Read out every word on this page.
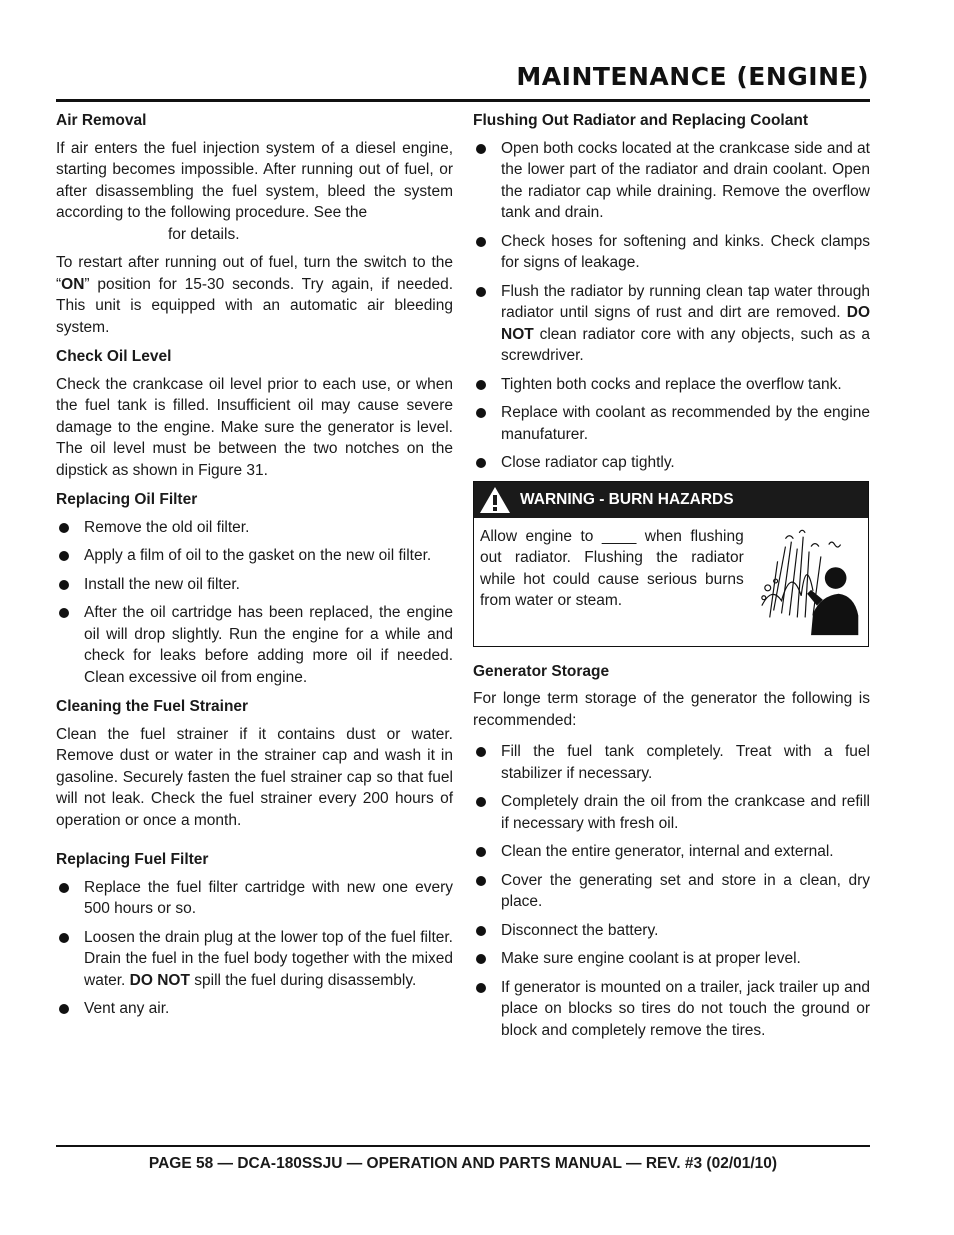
MAINTENANCE (ENGINE)

Air Removal

If air enters the fuel injection system of a diesel engine, starting becomes impossible. After running out of fuel, or after disassembling the fuel system, bleed the system according to the following procedure. See the

for details.

To restart after running out of fuel, turn the switch to the “ON” position for 15-30 seconds. Try again, if needed. This unit is equipped with an automatic air bleeding system.

Check Oil Level

Check the crankcase oil level prior to each use, or when the fuel tank is filled. Insufficient oil may cause severe damage to the engine. Make sure the generator is level. The oil level must be between the two notches on the dipstick as shown in Figure 31.

Replacing Oil Filter

Remove the old oil filter.
Apply a film of oil to the gasket on the new oil filter.
Install the new oil filter.
After the oil cartridge has been replaced, the engine oil will drop slightly. Run the engine for a while and check for leaks before adding more oil if needed. Clean excessive oil from engine.

Cleaning the Fuel Strainer

Clean the fuel strainer if it contains dust or water. Remove dust or water in the strainer cap and wash it in gasoline. Securely fasten the fuel strainer cap so that fuel will not leak. Check the fuel strainer every 200 hours of operation or once a month.

Replacing Fuel Filter

Replace the fuel filter cartridge with new one every 500 hours or so.
Loosen the drain plug at the lower top of the fuel filter. Drain the fuel in the fuel body together with the mixed water. DO NOT spill the fuel during disassembly.
Vent any air.

Flushing Out Radiator and Replacing Coolant

Open both cocks located at the crankcase side and at the lower part of the radiator and drain coolant. Open the radiator cap while draining. Remove the overflow tank and drain.
Check hoses for softening and kinks. Check clamps for signs of leakage.
Flush the radiator by running clean tap water through radiator until signs of rust and dirt are removed. DO NOT clean radiator core with any objects, such as a screwdriver.
Tighten both cocks and replace the overflow tank.
Replace with coolant as recommended by the engine manufaturer.
Close radiator cap tightly.
WARNING - BURN HAZARDS
Allow engine to ____ when flushing out radiator. Flushing the radiator while hot could cause serious burns from water or steam.

Generator Storage

For longe term storage of the generator the following is recommended:

Fill the fuel tank completely. Treat with a fuel stabilizer if necessary.
Completely drain the oil from the crankcase and refill if necessary with fresh oil.
Clean the entire generator, internal and external.
Cover the generating set and store in a clean, dry place.
Disconnect the battery.
Make sure engine coolant is at proper level.
If generator is mounted on a trailer, jack trailer up and place on blocks so tires do not touch the ground or block and completely remove the tires.
PAGE 58 — DCA-180SSJU — OPERATION AND PARTS MANUAL — REV. #3 (02/01/10)
